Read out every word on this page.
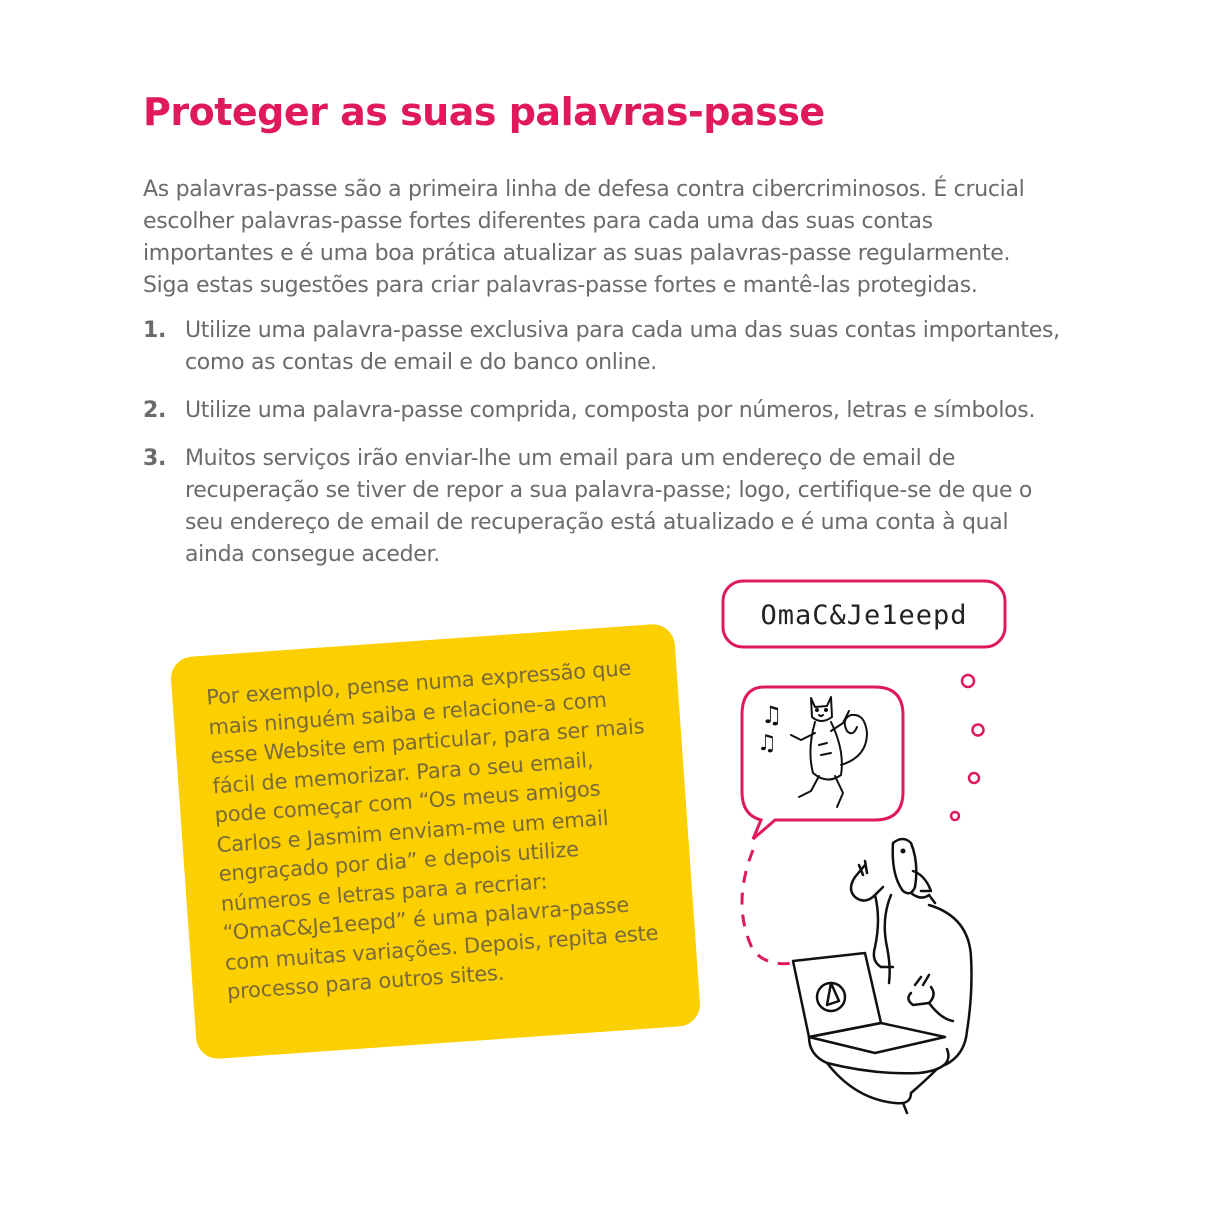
Proteger as suas palavras-passe

As palavras-passe são a primeira linha de defesa contra cibercriminosos. É crucial escolher palavras-passe fortes diferentes para cada uma das suas contas importantes e é uma boa prática atualizar as suas palavras-passe regularmente. Siga estas sugestões para criar palavras-passe fortes e mantê-las protegidas.

1. Utilize uma palavra-passe exclusiva para cada uma das suas contas importantes, como as contas de email e do banco online.
2. Utilize uma palavra-passe comprida, composta por números, letras e símbolos.
3. Muitos serviços irão enviar-lhe um email para um endereço de email de recuperação se tiver de repor a sua palavra-passe; logo, certifique-se de que o seu endereço de email de recuperação está atualizado e é uma conta à qual ainda consegue aceder.

Por exemplo, pense numa expressão que mais ninguém saiba e relacione-a com esse Website em particular, para ser mais fácil de memorizar. Para o seu email, pode começar com “Os meus amigos Carlos e Jasmim enviam-me um email engraçado por dia” e depois utilize números e letras para a recriar: “OmaC&Je1eepd” é uma palavra-passe com muitas variações. Depois, repita este processo para outros sites.

OmaC&Je1eepd
♫
♫
